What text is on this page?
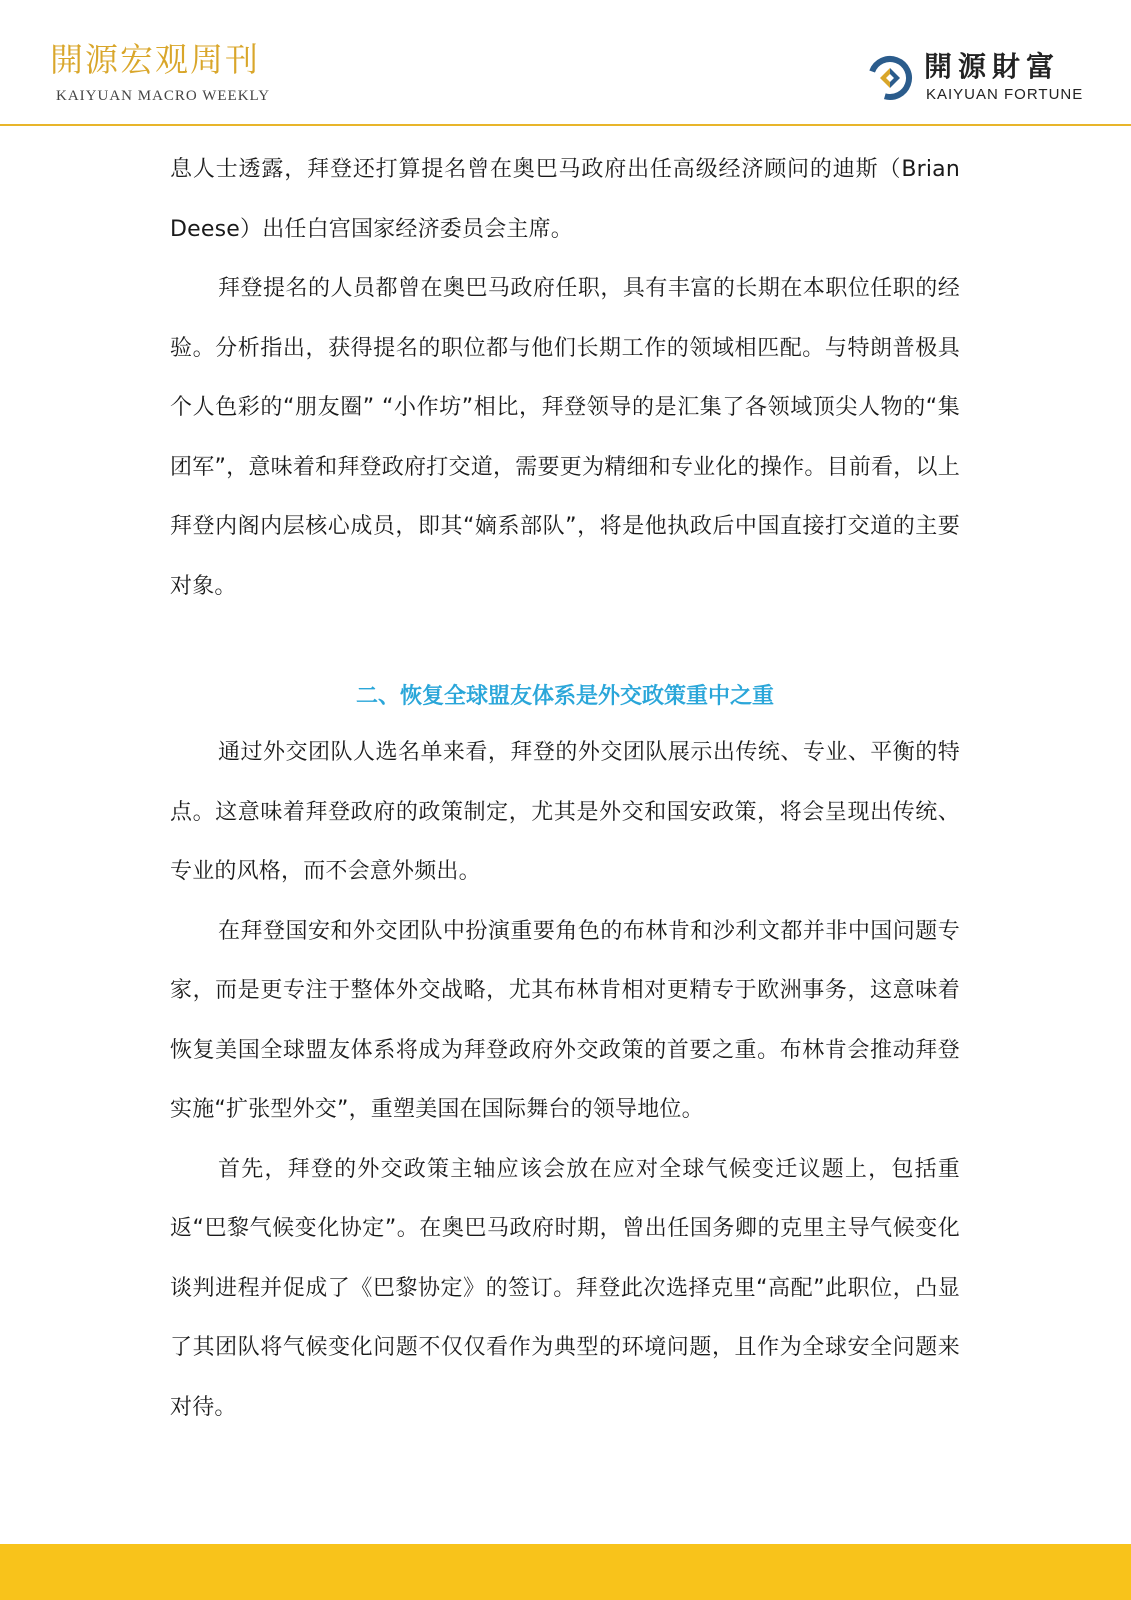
開源宏观周刊
KAIYUAN MACRO WEEKLY
開源財富
KAIYUAN FORTUNE

息人士透露，拜登还打算提名曾在奥巴马政府出任高级经济顾问的迪斯（Brian Deese）出任白宫国家经济委员会主席。

拜登提名的人员都曾在奥巴马政府任职，具有丰富的长期在本职位任职的经验。分析指出，获得提名的职位都与他们长期工作的领域相匹配。与特朗普极具个人色彩的“朋友圈” “小作坊”相比，拜登领导的是汇集了各领域顶尖人物的“集团军”，意味着和拜登政府打交道，需要更为精细和专业化的操作。目前看，以上拜登内阁内层核心成员，即其“嫡系部队”，将是他执政后中国直接打交道的主要对象。

二、恢复全球盟友体系是外交政策重中之重

通过外交团队人选名单来看，拜登的外交团队展示出传统、专业、平衡的特点。这意味着拜登政府的政策制定，尤其是外交和国安政策，将会呈现出传统、专业的风格，而不会意外频出。

在拜登国安和外交团队中扮演重要角色的布林肯和沙利文都并非中国问题专家，而是更专注于整体外交战略，尤其布林肯相对更精专于欧洲事务，这意味着恢复美国全球盟友体系将成为拜登政府外交政策的首要之重。布林肯会推动拜登实施“扩张型外交”，重塑美国在国际舞台的领导地位。

首先，拜登的外交政策主轴应该会放在应对全球气候变迁议题上，包括重返“巴黎气候变化协定”。在奥巴马政府时期，曾出任国务卿的克里主导气候变化谈判进程并促成了《巴黎协定》的签订。拜登此次选择克里“高配”此职位，凸显了其团队将气候变化问题不仅仅看作为典型的环境问题，且作为全球安全问题来对待。
